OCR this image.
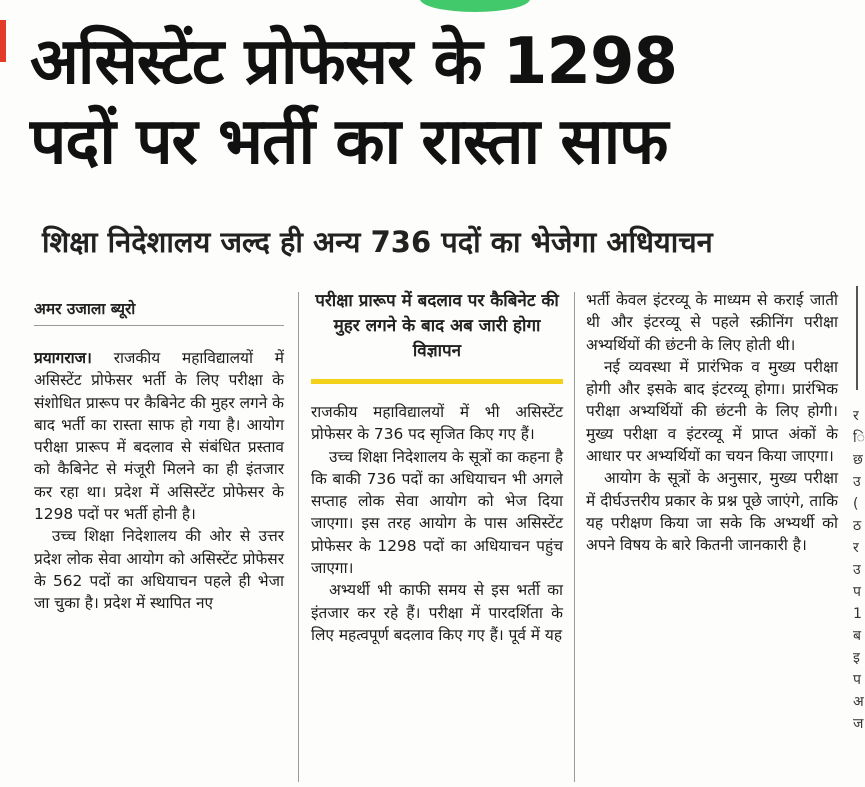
असिस्टेंट प्रोफेसर के 1298
पदों पर भर्ती का रास्ता साफ
शिक्षा निदेशालय जल्द ही अन्य 736 पदों का भेजेगा अधियाचन
अमर उजाला ब्यूरो

प्रयागराज। राजकीय महाविद्यालयों में असिस्टेंट प्रोफेसर भर्ती के लिए परीक्षा के संशोधित प्रारूप पर कैबिनेट की मुहर लगने के बाद भर्ती का रास्ता साफ हो गया है। आयोग परीक्षा प्रारूप में बदलाव से संबंधित प्रस्ताव को कैबिनेट से मंजूरी मिलने का ही इंतजार कर रहा था। प्रदेश में असिस्टेंट प्रोफेसर के 1298 पदों पर भर्ती होनी है।

उच्च शिक्षा निदेशालय की ओर से उत्तर प्रदेश लोक सेवा आयोग को असिस्टेंट प्रोफेसर के 562 पदों का अधियाचन पहले ही भेजा जा चुका है। प्रदेश में स्थापित नए

परीक्षा प्रारूप में बदलाव पर कैबिनेट की मुहर लगने के बाद अब जारी होगा विज्ञापन

राजकीय महाविद्यालयों में भी असिस्टेंट प्रोफेसर के 736 पद सृजित किए गए हैं।

उच्च शिक्षा निदेशालय के सूत्रों का कहना है कि बाकी 736 पदों का अधियाचन भी अगले सप्ताह लोक सेवा आयोग को भेज दिया जाएगा। इस तरह आयोग के पास असिस्टेंट प्रोफेसर के 1298 पदों का अधियाचन पहुंच जाएगा।

अभ्यर्थी भी काफी समय से इस भर्ती का इंतजार कर रहे हैं। परीक्षा में पारदर्शिता के लिए महत्वपूर्ण बदलाव किए गए हैं। पूर्व में यह

भर्ती केवल इंटरव्यू के माध्यम से कराई जाती थी और इंटरव्यू से पहले स्क्रीनिंग परीक्षा अभ्यर्थियों की छंटनी के लिए होती थी।

नई व्यवस्था में प्रारंभिक व मुख्य परीक्षा होगी और इसके बाद इंटरव्यू होगा। प्रारंभिक परीक्षा अभ्यर्थियों की छंटनी के लिए होगी। मुख्य परीक्षा व इंटरव्यू में प्राप्त अंकों के आधार पर अभ्यर्थियों का चयन किया जाएगा।

आयोग के सूत्रों के अनुसार, मुख्य परीक्षा में दीर्घउत्तरीय प्रकार के प्रश्न पूछे जाएंगे, ताकि यह परीक्षण किया जा सके कि अभ्यर्थी को अपने विषय के बारे कितनी जानकारी है।

र
ि
छ
उ
(
ठ
र
उ
प
1
ब
इ
प
अ
ज
